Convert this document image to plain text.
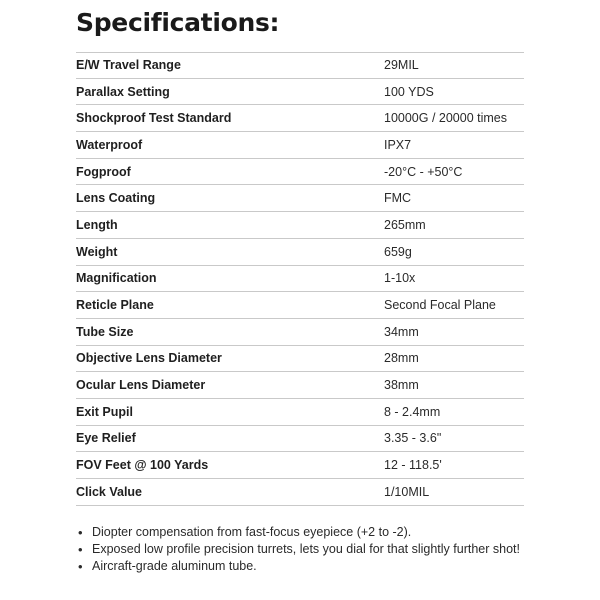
Specifications:
E/W Travel Range	29MIL
Parallax Setting	100 YDS
Shockproof Test Standard	10000G / 20000 times
Waterproof	IPX7
Fogproof	-20°C - +50°C
Lens Coating	FMC
Length	265mm
Weight	659g
Magnification	1-10x
Reticle Plane	Second Focal Plane
Tube Size	34mm
Objective Lens Diameter	28mm
Ocular Lens Diameter	38mm
Exit Pupil	8 - 2.4mm
Eye Relief	3.35 - 3.6"
FOV Feet @ 100 Yards	12 - 118.5'
Click Value	1/10MIL
• Diopter compensation from fast-focus eyepiece (+2 to -2).
• Exposed low profile precision turrets, lets you dial for that slightly further shot!
• Aircraft-grade aluminum tube.
